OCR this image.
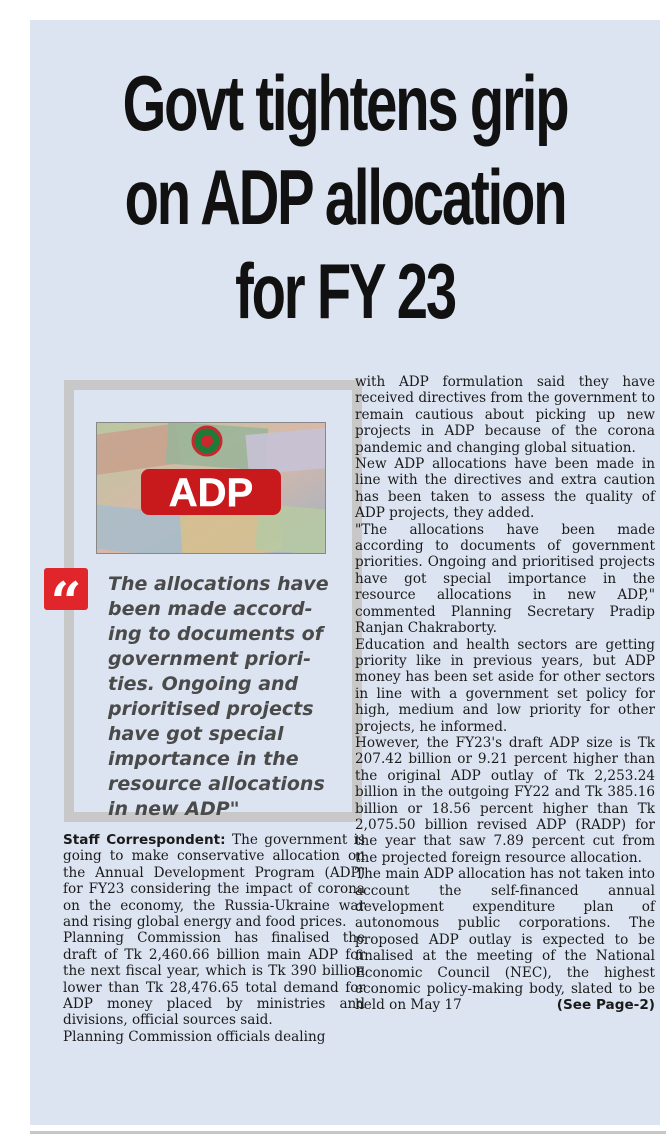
Govt tightens grip
on ADP allocation
for FY 23
ADP
“	The allocations have been made accord-ing to documents of government priori-ties. Ongoing and prioritised projects have got special importance in the resource allocations in new ADP"

Staff Correspondent: The government is going to make conservative allocation on the Annual Development Program (ADP) for FY23 considering the impact of corona on the economy, the Russia-Ukraine war and rising global energy and food prices.

Planning Commission has finalised the draft of Tk 2,460.66 billion main ADP for the next fiscal year, which is Tk 390 billion lower than Tk 28,476.65 total demand for ADP money placed by ministries and divisions, official sources said.

Planning Commission officials dealing

with ADP formulation said they have received directives from the government to remain cautious about picking up new projects in ADP because of the corona pandemic and changing global situation.

New ADP allocations have been made in line with the directives and extra caution has been taken to assess the quality of ADP projects, they added.

"The allocations have been made according to documents of government priorities. Ongoing and prioritised projects have got special importance in the resource allocations in new ADP," commented Planning Secretary Pradip Ranjan Chakraborty.

Education and health sectors are getting priority like in previous years, but ADP money has been set aside for other sectors in line with a government set policy for high, medium and low priority for other projects, he informed.

However, the FY23's draft ADP size is Tk 207.42 billion or 9.21 percent higher than the original ADP outlay of Tk 2,253.24 billion in the outgoing FY22 and Tk 385.16 billion or 18.56 percent higher than Tk 2,075.50 billion revised ADP (RADP) for the year that saw 7.89 percent cut from the projected foreign resource allocation.

The main ADP allocation has not taken into account the self-financed annual development expenditure plan of autonomous public corporations. The proposed ADP outlay is expected to be finalised at the meeting of the National Economic Council (NEC), the highest economic policy-making body, slated to be held on May 17	(See Page-2)
